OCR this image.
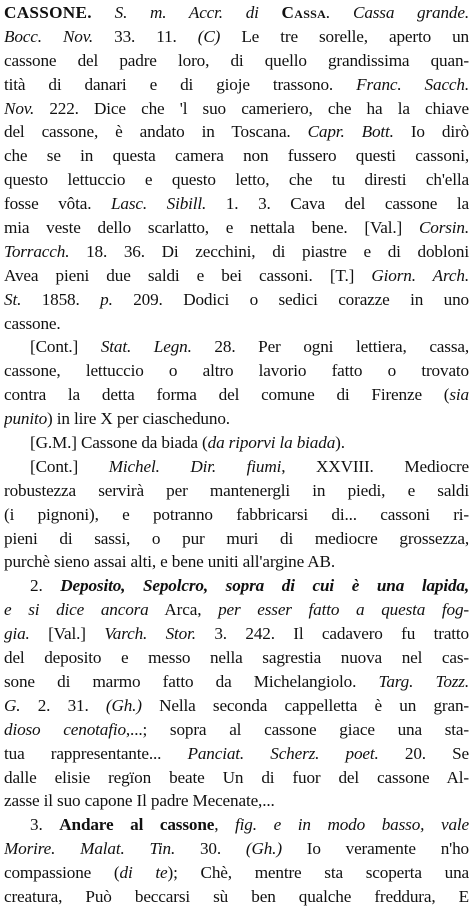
CASSONE. S. m. Accr. di Cassa. Cassa grande.
Bocc. Nov. 33. 11. (C) Le tre sorelle, aperto un
cassone del padre loro, di quello grandissima quan-
tità di danari e di gioje trassono. Franc. Sacch.
Nov. 222. Dice che 'l suo cameriero, che ha la chiave
del cassone, è andato in Toscana. Capr. Bott. Io dirò
che se in questa camera non fussero questi cassoni,
questo lettuccio e questo letto, che tu diresti ch'ella
fosse vôta. Lasc. Sibill. 1. 3. Cava del cassone la
mia veste dello scarlatto, e nettala bene. [Val.] Corsin.
Torracch. 18. 36. Di zecchini, di piastre e di dobloni
Avea pieni due saldi e bei cassoni. [T.] Giorn. Arch.
St. 1858. p. 209. Dodici o sedici corazze in uno
cassone.
[Cont.] Stat. Legn. 28. Per ogni lettiera, cassa,
cassone, lettuccio o altro lavorio fatto o trovato
contra la detta forma del comune di Firenze (sia
punito) in lire X per ciascheduno.
[G.M.] Cassone da biada (da riporvi la biada).
[Cont.] Michel. Dir. fiumi, XXVIII. Mediocre
robustezza servirà per mantenergli in piedi, e saldi
(i pignoni), e potranno fabbricarsi di... cassoni ri-
pieni di sassi, o pur muri di mediocre grossezza,
purchè sieno assai alti, e bene uniti all'argine AB.
2. Deposito, Sepolcro, sopra di cui è una lapida,
e si dice ancora Arca, per esser fatto a questa fog-
gia. [Val.] Varch. Stor. 3. 242. Il cadavero fu tratto
del deposito e messo nella sagrestia nuova nel cas-
sone di marmo fatto da Michelangiolo. Targ. Tozz.
G. 2. 31. (Gh.) Nella seconda cappelletta è un gran-
dioso cenotafio,...; sopra al cassone giace una sta-
tua rappresentante... Panciat. Scherz. poet. 20. Se
dalle elisie regïon beate Un di fuor del cassone Al-
zasse il suo capone Il padre Mecenate,...
3. Andare al cassone, fig. e in modo basso, vale
Morire. Malat. Tin. 30. (Gh.) Io veramente n'ho
compassione (di te); Chè, mentre sta scoperta una
creatura, Può beccarsi sù ben qualche freddura, E
